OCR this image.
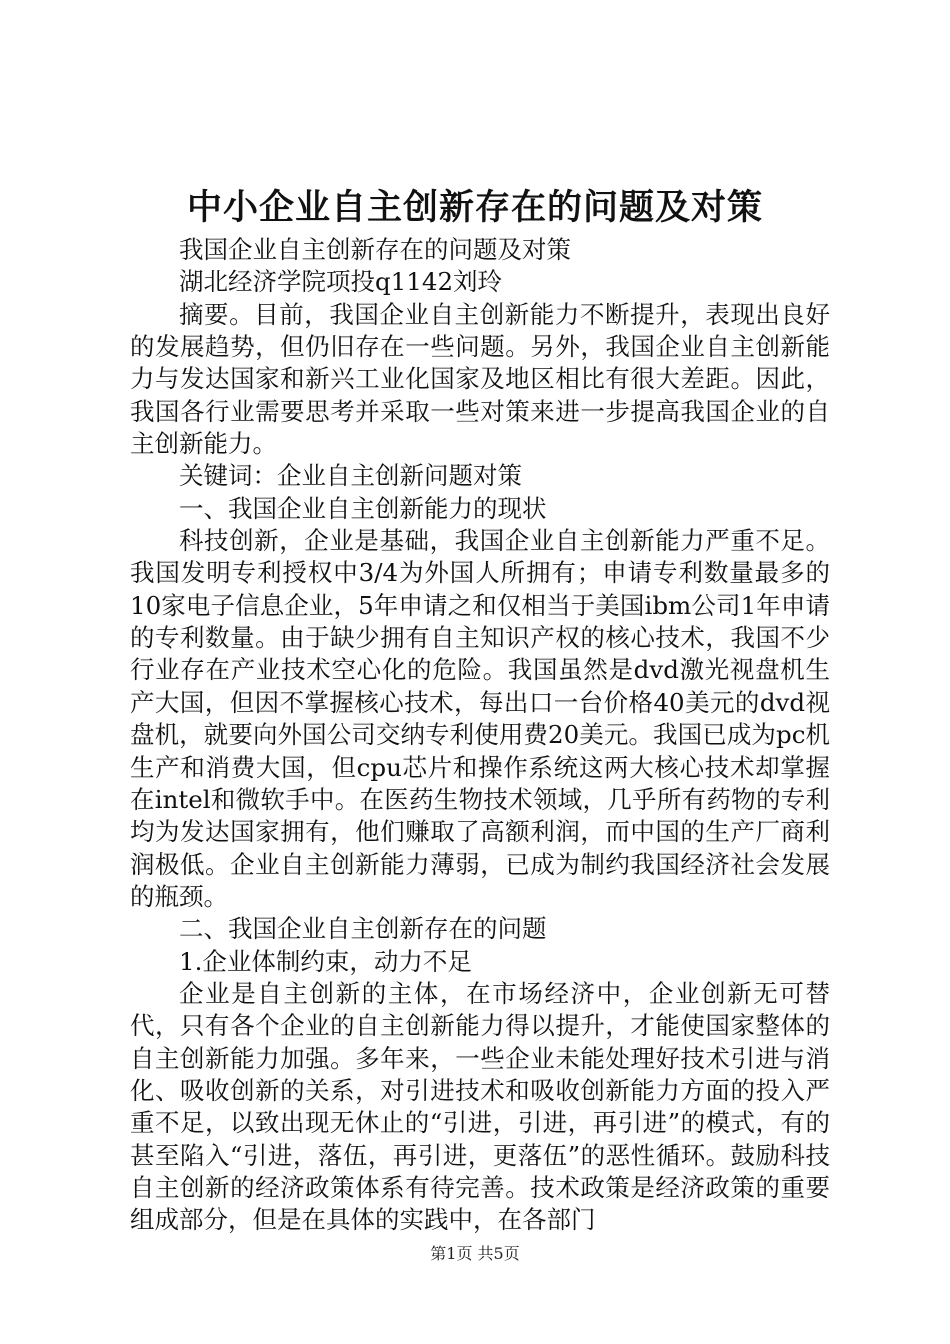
中小企业自主创新存在的问题及对策

我国企业自主创新存在的问题及对策

湖北经济学院项投q1142刘玲

摘要。目前，我国企业自主创新能力不断提升，表现出良好的发展趋势，但仍旧存在一些问题。另外，我国企业自主创新能力与发达国家和新兴工业化国家及地区相比有很大差距。因此，我国各行业需要思考并采取一些对策来进一步提高我国企业的自主创新能力。

关键词：企业自主创新问题对策

一、我国企业自主创新能力的现状

科技创新，企业是基础，我国企业自主创新能力严重不足。我国发明专利授权中3/4为外国人所拥有；申请专利数量最多的10家电子信息企业，5年申请之和仅相当于美国ibm公司1年申请的专利数量。由于缺少拥有自主知识产权的核心技术，我国不少行业存在产业技术空心化的危险。我国虽然是dvd激光视盘机生产大国，但因不掌握核心技术，每出口一台价格40美元的dvd视盘机，就要向外国公司交纳专利使用费20美元。我国已成为pc机生产和消费大国，但cpu芯片和操作系统这两大核心技术却掌握在intel和微软手中。在医药生物技术领域，几乎所有药物的专利均为发达国家拥有，他们赚取了高额利润，而中国的生产厂商利润极低。企业自主创新能力薄弱，已成为制约我国经济社会发展的瓶颈。

二、我国企业自主创新存在的问题

1.企业体制约束，动力不足

企业是自主创新的主体，在市场经济中，企业创新无可替代，只有各个企业的自主创新能力得以提升，才能使国家整体的自主创新能力加强。多年来，一些企业未能处理好技术引进与消化、吸收创新的关系，对引进技术和吸收创新能力方面的投入严重不足，以致出现无休止的“引进，引进，再引进”的模式，有的甚至陷入“引进，落伍，再引进，更落伍”的恶性循环。鼓励科技自主创新的经济政策体系有待完善。技术政策是经济政策的重要组成部分，但是在具体的实践中，在各部门

第1页 共5页
